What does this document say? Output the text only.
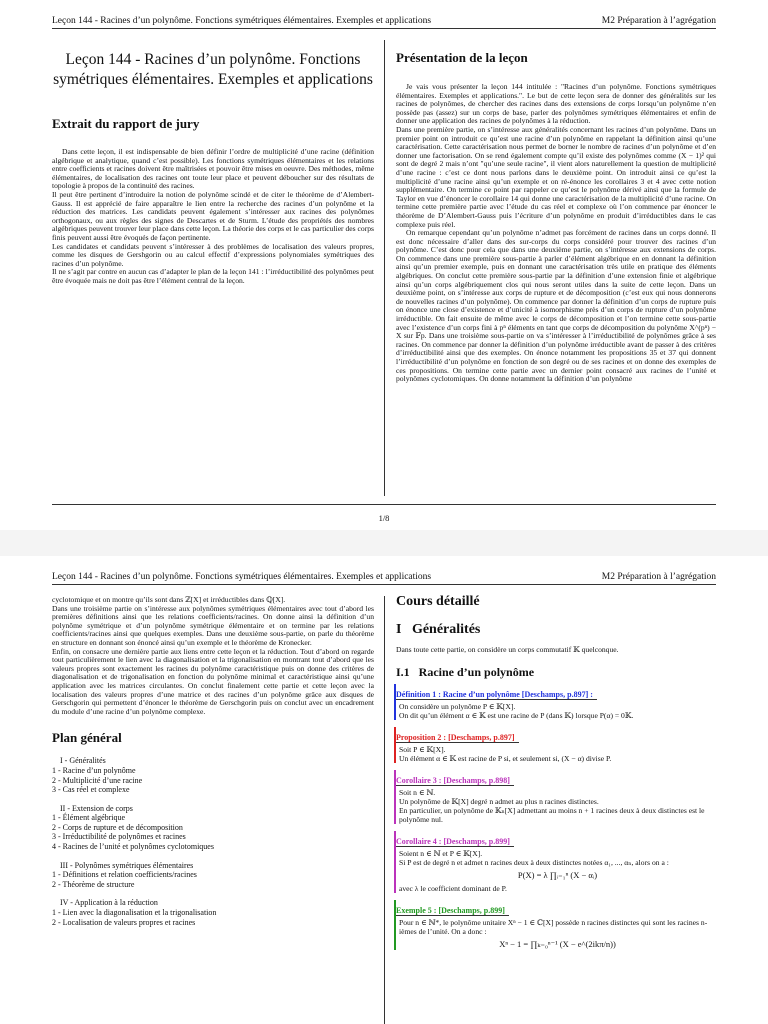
Leçon 144 - Racines d’un polynôme. Fonctions symétriques élémentaires. Exemples et applications	M2 Préparation à l’agrégation
Leçon 144 - Racines d’un polynôme. Fonctions symétriques élémentaires. Exemples et applications
Extrait du rapport de jury

Dans cette leçon, il est indispensable de bien définir l’ordre de multiplicité d’une racine (définition algébrique et analytique, quand c’est possible). Les fonctions symétriques élémentaires et les relations entre coefficients et racines doivent être maîtrisées et pouvoir être mises en oeuvre. Des méthodes, même élémentaires, de localisation des racines ont toute leur place et peuvent déboucher sur des résultats de topologie à propos de la continuité des racines.

Il peut être pertinent d’introduire la notion de polynôme scindé et de citer le théorème de d’Alembert-Gauss. Il est apprécié de faire apparaître le lien entre la recherche des racines d’un polynôme et la réduction des matrices. Les candidats peuvent également s’intéresser aux racines des polynômes orthogonaux, ou aux règles des signes de Descartes et de Sturm. L’étude des propriétés des nombres algébriques peuvent trouver leur place dans cette leçon. La théorie des corps et le cas particulier des corps finis peuvent aussi être évoqués de façon pertinente.

Les candidates et candidats peuvent s’intéresser à des problèmes de localisation des valeurs propres, comme les disques de Gershgorin ou au calcul effectif d’expressions polynomiales symétriques des racines d’un polynôme.

Il ne s’agit par contre en aucun cas d’adapter le plan de la leçon 141 : l’irréductibilité des polynômes peut être évoquée mais ne doit pas être l’élément central de la leçon.

Présentation de la leçon

Je vais vous présenter la leçon 144 intitulée : "Racines d’un polynôme. Fonctions symétriques élémentaires. Exemples et applications.". Le but de cette leçon sera de donner des généralités sur les racines de polynômes, de chercher des racines dans des extensions de corps lorsqu’un polynôme n’en possède pas (assez) sur un corps de base, parler des polynômes symétriques élémentaires et enfin de donner une application des racines de polynômes à la réduction.

Dans une première partie, on s’intéresse aux généralités concernant les racines d’un polynôme. Dans un premier point on introduit ce qu’est une racine d’un polynôme en rappelant la définition ainsi qu’une caractérisation. Cette caractérisation nous permet de borner le nombre de racines d’un polynôme et d’en donner une factorisation. On se rend également compte qu’il existe des polynômes comme (X − 1)² qui sont de degré 2 mais n’ont "qu’une seule racine", il vient alors naturellement la question de multiplicité d’une racine : c’est ce dont nous parlons dans le deuxième point. On introduit ainsi ce qu’est la multiplicité d’une racine ainsi qu’un exemple et on ré-énonce les corollaires 3 et 4 avec cette notion supplémentaire. On termine ce point par rappeler ce qu’est le polynôme dérivé ainsi que la formule de Taylor en vue d’énoncer le corollaire 14 qui donne une caractérisation de la multiplicité d’une racine. On termine cette première partie avec l’étude du cas réel et complexe où l’on commence par énoncer le théorème de D’Alembert-Gauss puis l’écriture d’un polynôme en produit d’irréductibles dans le cas complexe puis réel.

On remarque cependant qu’un polynôme n’admet pas forcément de racines dans un corps donné. Il est donc nécessaire d’aller dans des sur-corps du corps considéré pour trouver des racines d’un polynôme. C’est donc pour cela que dans une deuxième partie, on s’intéresse aux extensions de corps. On commence dans une première sous-partie à parler d’élément algébrique en en donnant la définition ainsi qu’un premier exemple, puis en donnant une caractérisation très utile en pratique des éléments algébriques. On conclut cette première sous-partie par la définition d’une extension finie et algébrique ainsi qu’un corps algébriquement clos qui nous seront utiles dans la suite de cette leçon. Dans un deuxième point, on s’intéresse aux corps de rupture et de décomposition (c’est eux qui nous donnerons de nouvelles racines d’un polynôme). On commence par donner la définition d’un corps de rupture puis on énonce une close d’existence et d’unicité à isomorphisme près d’un corps de rupture d’un polynôme irréductible. On fait ensuite de même avec le corps de décomposition et l’on termine cette sous-partie avec l’existence d’un corps fini à pⁿ éléments en tant que corps de décomposition du polynôme X^(pⁿ) − X sur 𝔽p. Dans une troisième sous-partie on va s’intéresser à l’irréductibilité de polynômes grâce à ses racines. On commence par donner la définition d’un polynôme irréductible avant de passer à des critères d’irréductibilité ainsi que des exemples. On énonce notamment les propositions 35 et 37 qui donnent l’irréductibilité d’un polynôme en fonction de son degré ou de ses racines et on donne des exemples de ces propositions. On termine cette partie avec un dernier point consacré aux racines de l’unité et polynômes cyclotomiques. On donne notamment la définition d’un polynôme

1/8
Leçon 144 - Racines d’un polynôme. Fonctions symétriques élémentaires. Exemples et applications	M2 Préparation à l’agrégation

cyclotomique et on montre qu’ils sont dans ℤ[X] et irréductibles dans ℚ[X].

Dans une troisième partie on s’intéresse aux polynômes symétriques élémentaires avec tout d’abord les premières définitions ainsi que les relations coefficients/racines. On donne ainsi la définition d’un polynôme symétrique et d’un polynôme symétrique élémentaire et on termine par les relations coefficients/racines ainsi que quelques exemples. Dans une deuxième sous-partie, on parle du théorème en structure en donnant son énoncé ainsi qu’un exemple et le théorème de Kronecker.

Enfin, on consacre une dernière partie aux liens entre cette leçon et la réduction. Tout d’abord on regarde tout particulièrement le lien avec la diagonalisation et la trigonalisation en montrant tout d’abord que les valeurs propres sont exactement les racines du polynôme caractéristique puis on donne des critères de diagonalisation et de trigonalisation en fonction du polynôme minimal et caractéristique ainsi qu’une application avec les matrices circulantes. On conclut finalement cette partie et cette leçon avec la localisation des valeurs propres d’une matrice et des racines d’un polynôme grâce aux disques de Gerschgorin qui permettent d’énoncer le théorème de Gerschgorin puis on conclut avec un encadrement du module d’une racine d’un polynôme complexe.

Plan général
I - Généralités
1 - Racine d’un polynôme
2 - Multiplicité d’une racine
3 - Cas réel et complexe
II - Extension de corps
1 - Élément algébrique
2 - Corps de rupture et de décomposition
3 - Irréductibilité de polynômes et racines
4 - Racines de l’unité et polynômes cyclotomiques
III - Polynômes symétriques élémentaires
1 - Définitions et relation coefficients/racines
2 - Théorème de structure
IV - Application à la réduction
1 - Lien avec la diagonalisation et la trigonalisation
2 - Localisation de valeurs propres et racines
Cours détaillé
I Généralités

Dans toute cette partie, on considère un corps commutatif 𝕂 quelconque.

I.1 Racine d’un polynôme
Définition 1 : Racine d’un polynôme [Deschamps, p.897] :

On considère un polynôme P ∈ 𝕂[X].

On dit qu’un élément α ∈ 𝕂 est une racine de P (dans 𝕂) lorsque P(α) = 0𝕂.

Proposition 2 : [Deschamps, p.897]

Soit P ∈ 𝕂[X].

Un élément α ∈ 𝕂 est racine de P si, et seulement si, (X − α) divise P.

Corollaire 3 : [Deschamps, p.898]

Soit n ∈ ℕ.

Un polynôme de 𝕂[X] degré n admet au plus n racines distinctes.

En particulier, un polynôme de 𝕂ₙ[X] admettant au moins n + 1 racines deux à deux distinctes est le polynôme nul.

Corollaire 4 : [Deschamps, p.899]

Soient n ∈ ℕ et P ∈ 𝕂[X].

Si P est de degré n et admet n racines deux à deux distinctes notées α₁, ..., αₙ, alors on a :

P(X) = λ ∏ᵢ₌₁ⁿ (X − αᵢ)

avec λ le coefficient dominant de P.

Exemple 5 : [Deschamps, p.899]

Pour n ∈ ℕ*, le polynôme unitaire Xⁿ − 1 ∈ ℂ[X] possède n racines distinctes qui sont les racines n-ièmes de l’unité. On a donc :

Xⁿ − 1 = ∏ₖ₌₀ⁿ⁻¹ (X − e^(2ikπ/n))
